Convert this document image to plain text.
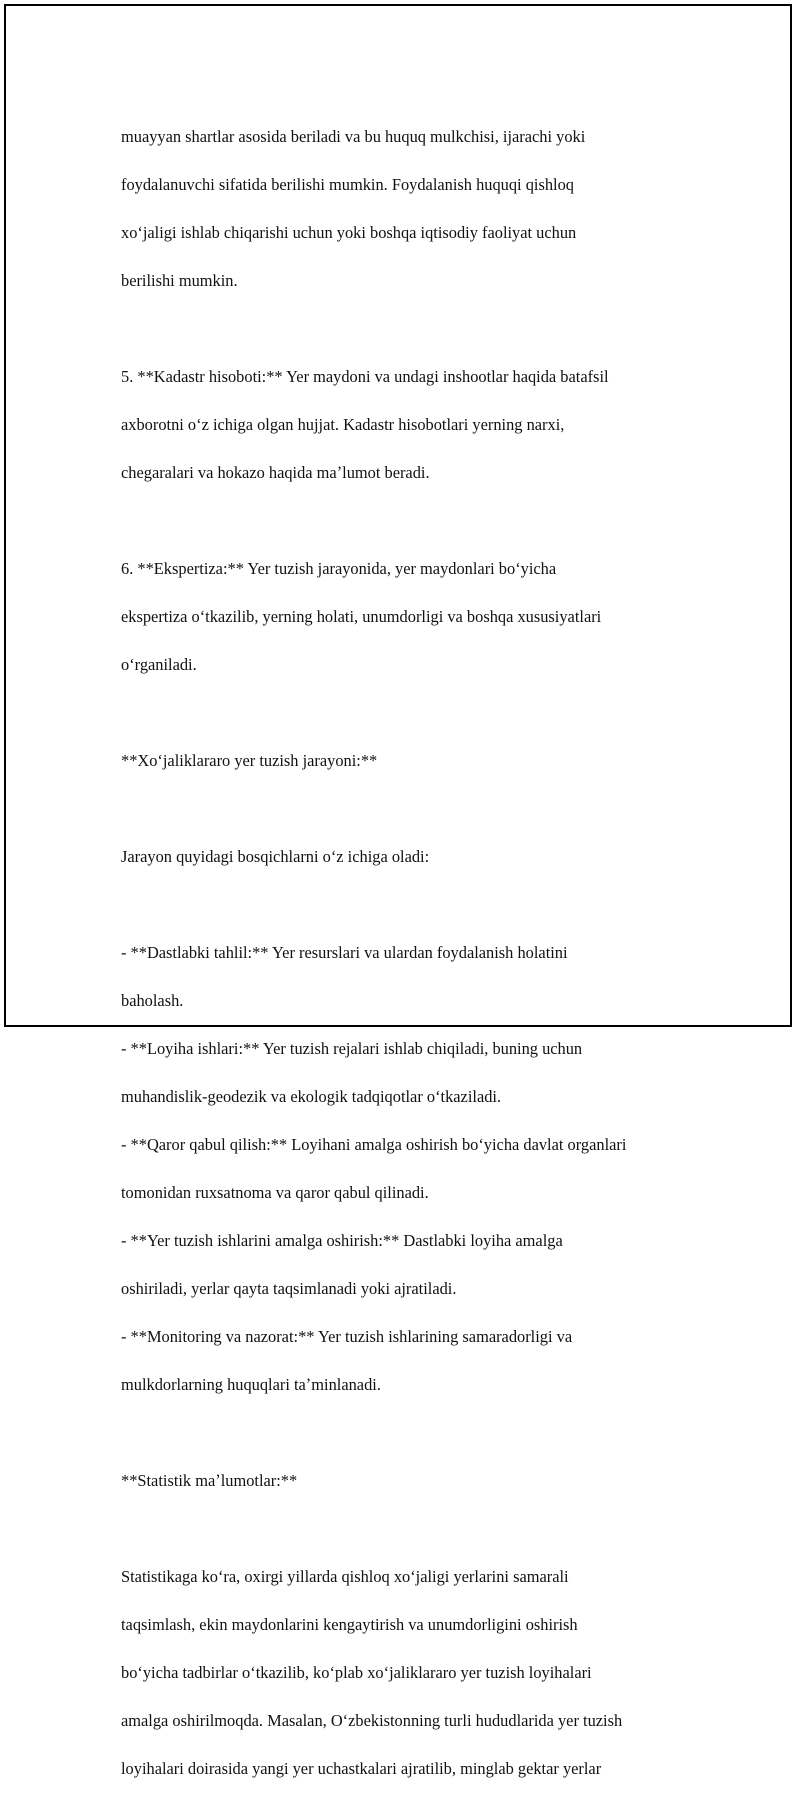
muayyan shartlar asosida beriladi va bu huquq mulkchisi, ijarachi yoki

foydalanuvchi sifatida berilishi mumkin. Foydalanish huquqi qishloq

xoʻjaligi ishlab chiqarishi uchun yoki boshqa iqtisodiy faoliyat uchun

berilishi mumkin.

5. **Kadastr hisoboti:** Yer maydoni va undagi inshootlar haqida batafsil

axborotni oʻz ichiga olgan hujjat. Kadastr hisobotlari yerning narxi,

chegaralari va hokazo haqida maʼlumot beradi.

6. **Ekspertiza:** Yer tuzish jarayonida, yer maydonlari boʻyicha

ekspertiza oʻtkazilib, yerning holati, unumdorligi va boshqa xususiyatlari

oʻrganiladi.

**Xoʻjaliklararo yer tuzish jarayoni:**

Jarayon quyidagi bosqichlarni oʻz ichiga oladi:

- **Dastlabki tahlil:** Yer resurslari va ulardan foydalanish holatini

baholash.

- **Loyiha ishlari:** Yer tuzish rejalari ishlab chiqiladi, buning uchun

muhandislik-geodezik va ekologik tadqiqotlar oʻtkaziladi.

- **Qaror qabul qilish:** Loyihani amalga oshirish boʻyicha davlat organlari

tomonidan ruxsatnoma va qaror qabul qilinadi.

- **Yer tuzish ishlarini amalga oshirish:** Dastlabki loyiha amalga

oshiriladi, yerlar qayta taqsimlanadi yoki ajratiladi.

- **Monitoring va nazorat:** Yer tuzish ishlarining samaradorligi va

mulkdorlarning huquqlari taʼminlanadi.

**Statistik maʼlumotlar:**

Statistikaga koʻra, oxirgi yillarda qishloq xoʻjaligi yerlarini samarali

taqsimlash, ekin maydonlarini kengaytirish va unumdorligini oshirish

boʻyicha tadbirlar oʻtkazilib, koʻplab xoʻjaliklararo yer tuzish loyihalari

amalga oshirilmoqda. Masalan, Oʻzbekistonning turli hududlarida yer tuzish

loyihalari doirasida yangi yer uchastkalari ajratilib, minglab gektar yerlar
